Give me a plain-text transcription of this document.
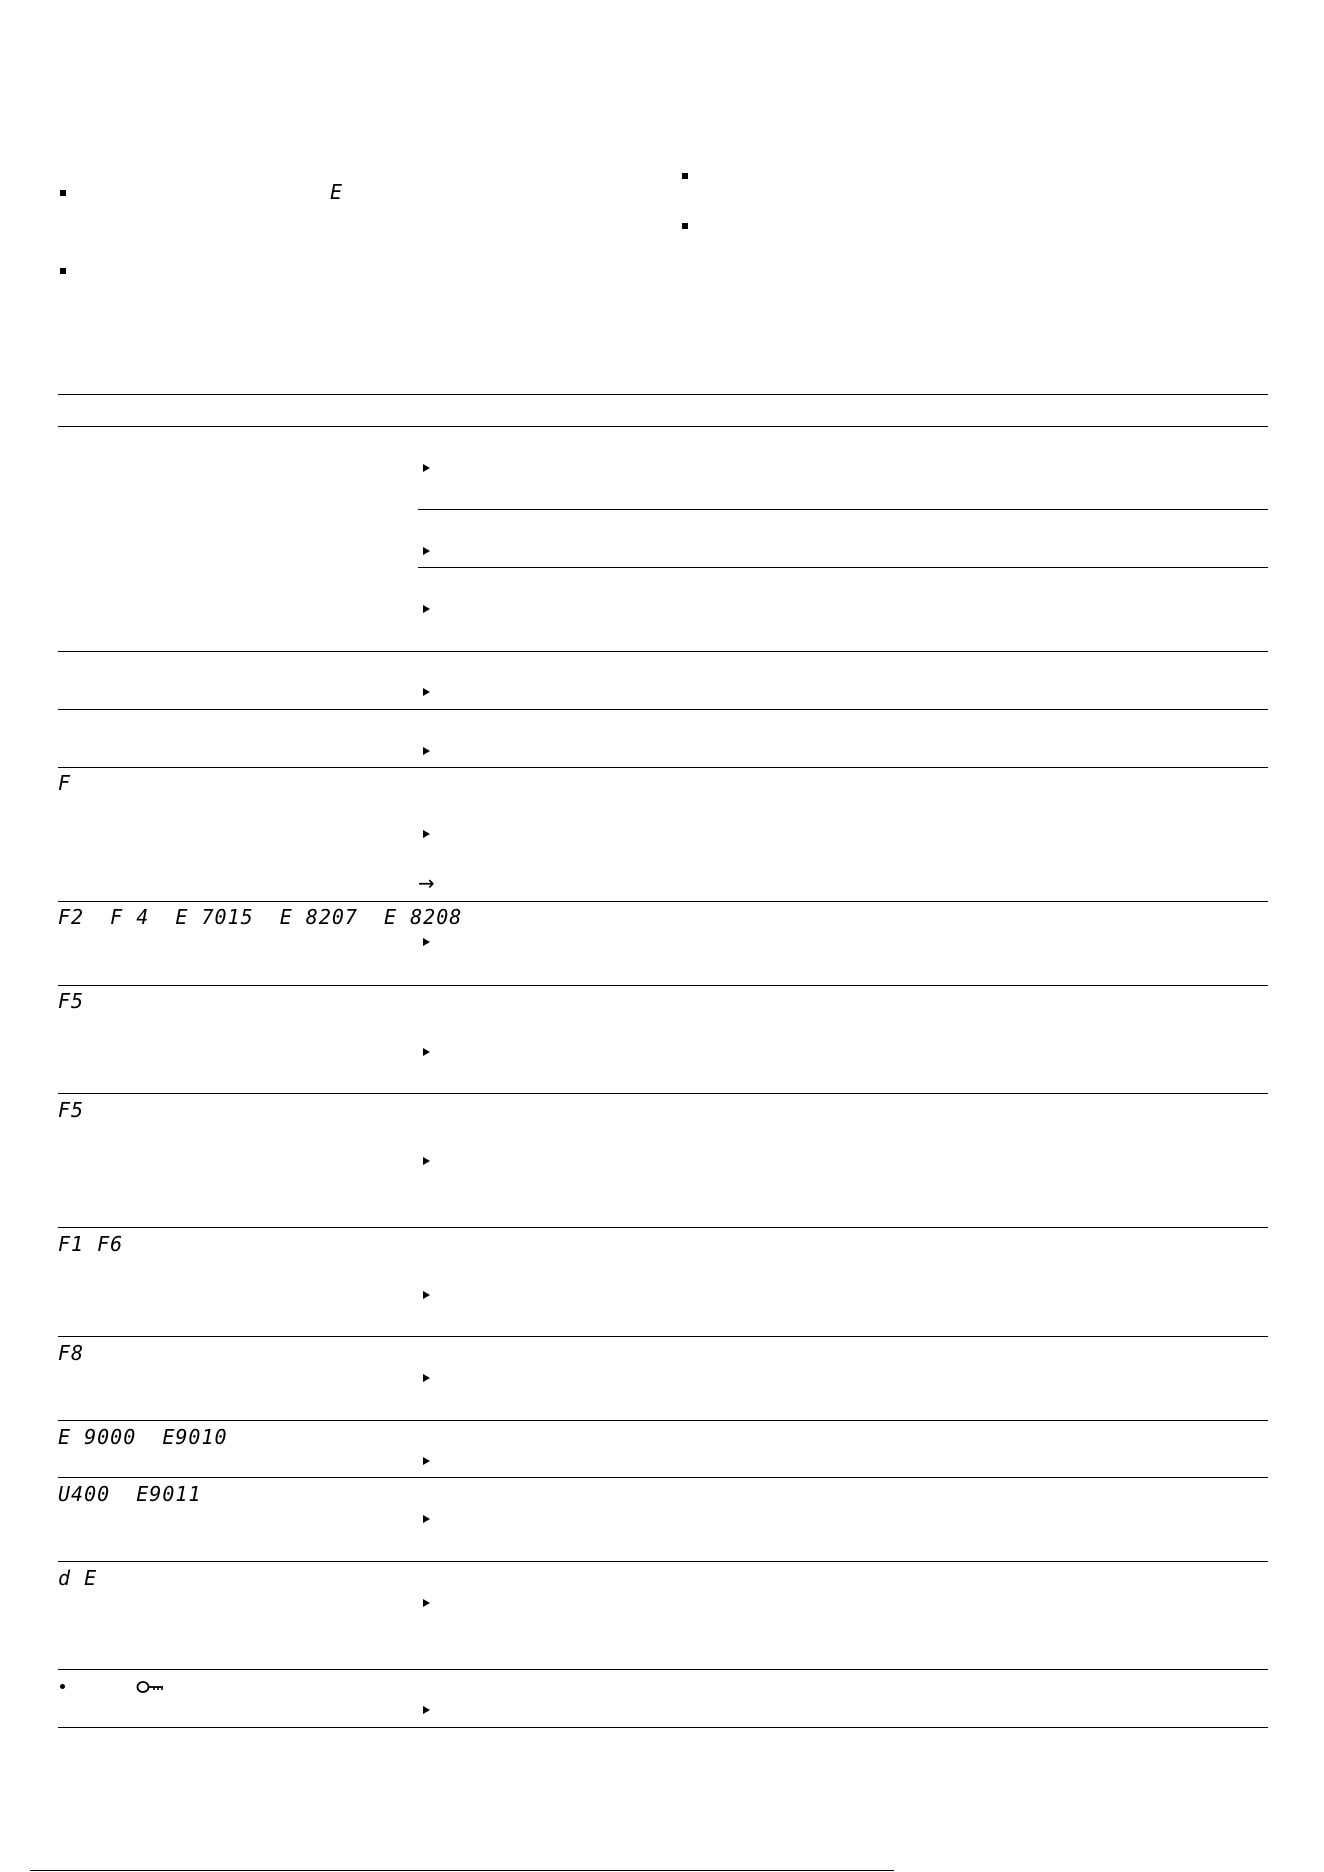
E
F
→
F2  F 4  E 7015  E 8207  E 8208
F5
F5
F1 F6
F8
E 9000  E9010
U400  E9011
d E
